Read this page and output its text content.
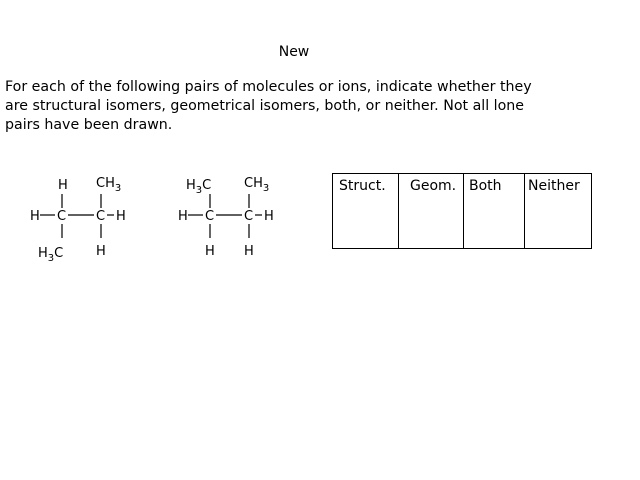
New
For each of the following pairs of molecules or ions, indicate whether they
are structural isomers, geometrical isomers, both, or neither. Not all lone
pairs have been drawn.
H $CH_3$
H C C H
$H_3C$	H
$H_3C$	$CH_3$
H C C H
H H
Struct.	Geom.	Both	Neither
